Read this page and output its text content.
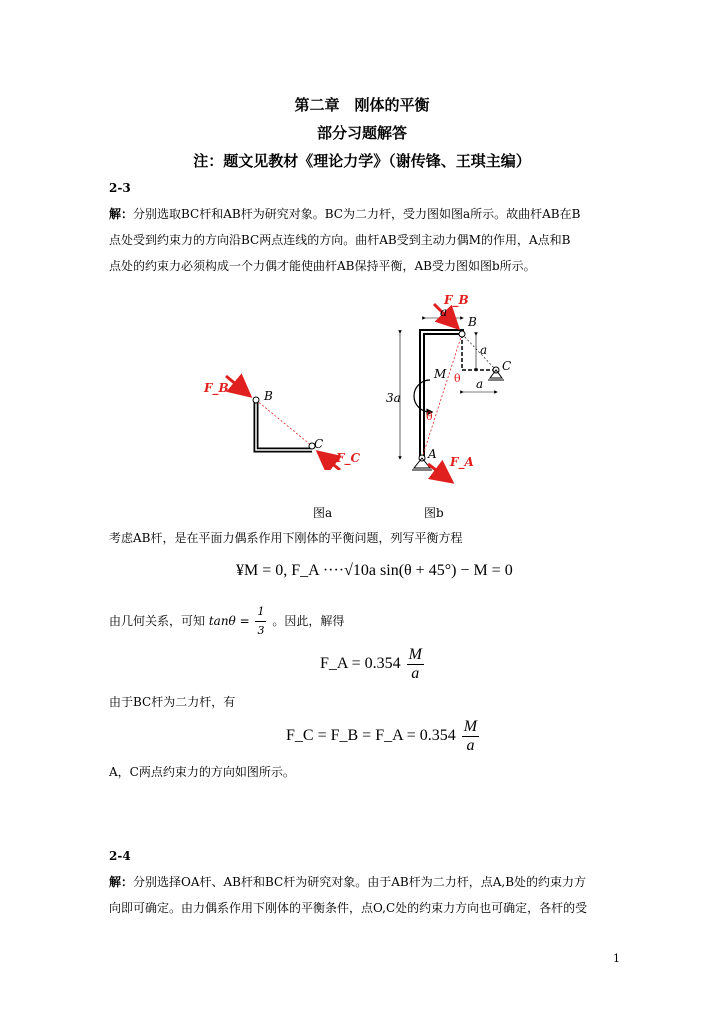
第二章　刚体的平衡
部分习题解答
注：题文见教材《理论力学》（谢传锋、王琪主编）
2-3
解：分别选取BC杆和AB杆为研究对象。BC为二力杆，受力图如图a所示。故曲杆AB在B
点处受到约束力的方向沿BC两点连线的方向。曲杆AB受到主动力偶M的作用，A点和B
点处的约束力必须构成一个力偶才能使曲杆AB保持平衡，AB受力图如图b所示。
F_B
B
C
F_C
F_B
B
C
A
F_A
M θ
θ
3a
a
a
a
图a	图b
考虑AB杆，是在平面力偶系作用下刚体的平衡问题，列写平衡方程
¥M = 0, F_A ····√10a sin(θ + 45°) − M = 0
由几何关系，可知 $\tan\theta = \frac{1}{3}$ 。因此，解得
F_A = $0.354 \frac{M}{a}$
由于BC杆为二力杆，有
F_C = F_B = F_A = $0.354 \frac{M}{a}$
A，C两点约束力的方向如图所示。
2-4
解：分别选择OA杆、AB杆和BC杆为研究对象。由于AB杆为二力杆，点A,B处的约束力方
向即可确定。由力偶系作用下刚体的平衡条件，点O,C处的约束力方向也可确定，各杆的受
1
